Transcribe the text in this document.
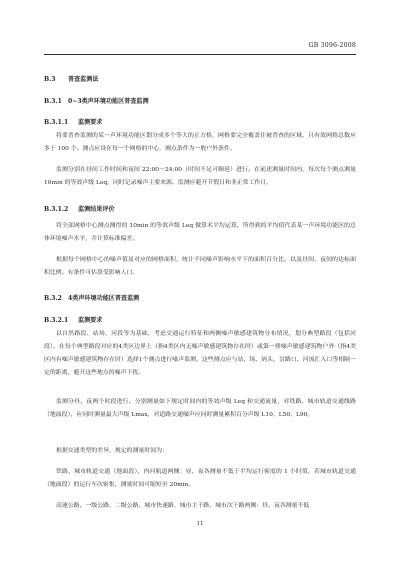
GB 3096-2008
B.3 普查监测法
B.3.1 0~3类声环境功能区普查监测
B.3.1.1 监测要求
将要普查监测的某一声环境功能区划分成多个等大的正方格，网格要完全覆盖住被普查的区域，且有效网格总数应多于 100 个。测点应设在每一个网格的中心，测点条件为一般户外条件。
监测分别在昼间工作时间和夜间 22:00～24:00（时间不足可顺延）进行。在前述测量时间内，每次每个测点测量 10min 的等效声级 Leq，同时记录噪声主要来源。监测应避开节假日和非正常工作日。
B.3.1.2 监测结果评价
将全部网格中心测点测得的 10min 的等效声级 Leq 做算术平均运算，所得到的平均值代表某一声环境功能区的总体环境噪声水平，并计算标准偏差。
根据每个网格中心的噪声值及对应的网格面积，统计不同噪声影响水平下的面积百分比，以及昼间、夜间的达标面积比例。有条件可估算受影响人口。
B.3.2 4类声环境功能区普查监测
B.3.2.1 监测要求
以自然路段、站场、河段等为基础，考虑交通运行特征和两侧噪声敏感建筑物分布情况，划分典型路段（包括河段）。在每个典型路段对应的4类区边界上（指4类区内无噪声敏感建筑物存在时）或第一排噪声敏感建筑物户外（指4类区内有噪声敏感建筑物存在时）选择1个测点进行噪声监测。这些测点应与站、场、码头、岔路口、河流汇入口等相隔一定的距离，避开这些地点的噪声干扰。
监测分昼、夜两个时段进行。分别测量如下规定时间内的等效声级 Leq 和交通流量，对铁路、城市轨道交通线路（地面段），应同时测量最大声级 Lmax，对道路交通噪声应同时测量累积百分声级 L10、L50、L90。
根据交通类型的差异，规定的测量时间为：
铁路、城市轨道交通（地面段）、内河航道两侧：昼、夜各测量不低于平均运行密度的 1 小时值，若城市轨道交通（地面段）的运行车次密集，测量时间可缩短至 20min。
高速公路、一级公路、二级公路、城市快速路、城市主干路、城市次干路两侧：昼、夜各测量不低
11
